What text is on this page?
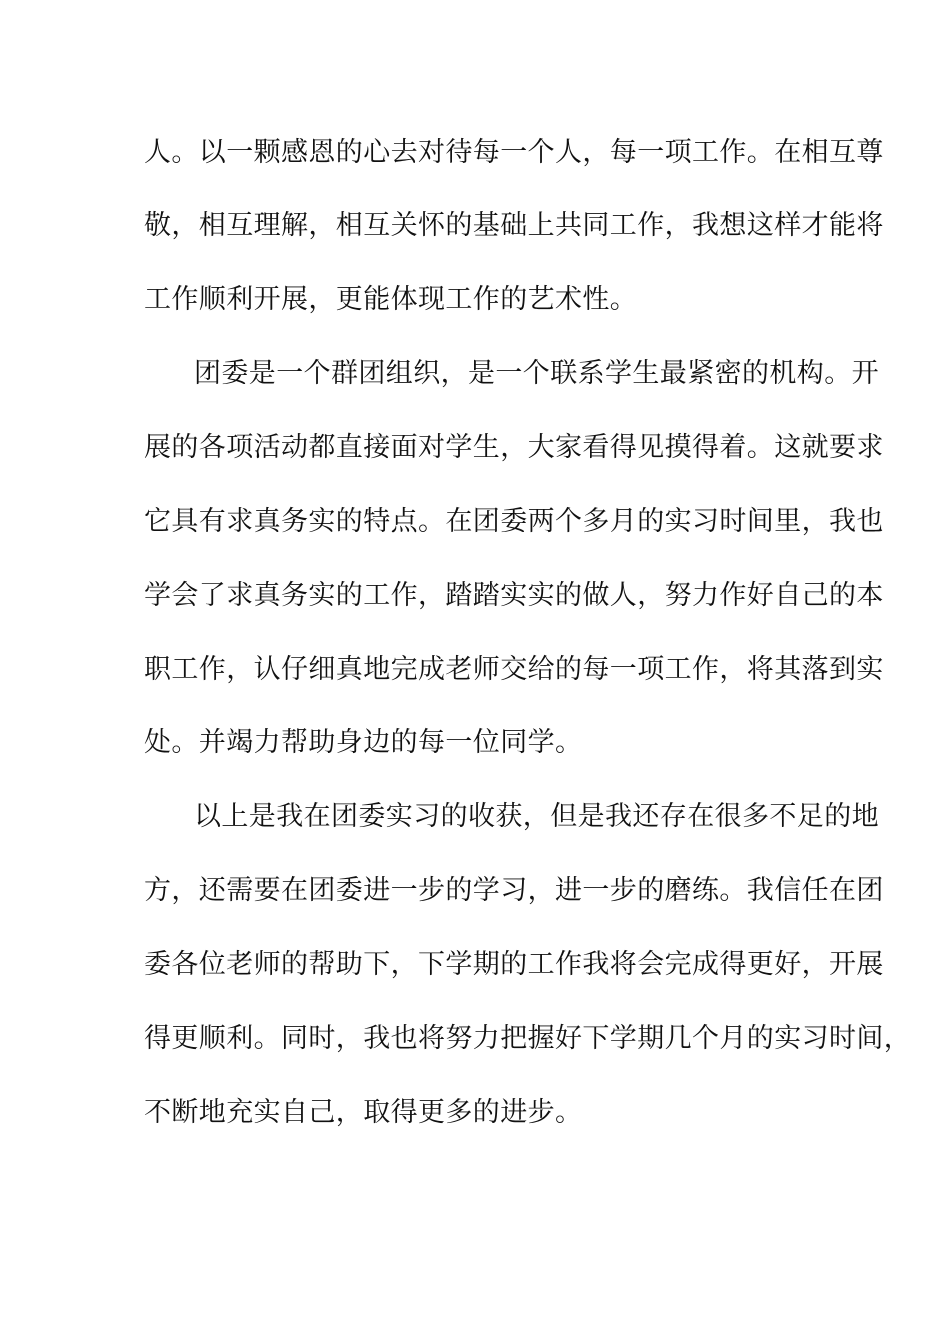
人。以一颗感恩的心去对待每一个人，每一项工作。在相互尊
敬，相互理解，相互关怀的基础上共同工作，我想这样才能将
工作顺利开展，更能体现工作的艺术性。
团委是一个群团组织，是一个联系学生最紧密的机构。开
展的各项活动都直接面对学生，大家看得见摸得着。这就要求
它具有求真务实的特点。在团委两个多月的实习时间里，我也
学会了求真务实的工作，踏踏实实的做人，努力作好自己的本
职工作，认仔细真地完成老师交给的每一项工作，将其落到实
处。并竭力帮助身边的每一位同学。
以上是我在团委实习的收获，但是我还存在很多不足的地
方，还需要在团委进一步的学习，进一步的磨练。我信任在团
委各位老师的帮助下，下学期的工作我将会完成得更好，开展
得更顺利。同时，我也将努力把握好下学期几个月的实习时间，
不断地充实自己，取得更多的进步。
